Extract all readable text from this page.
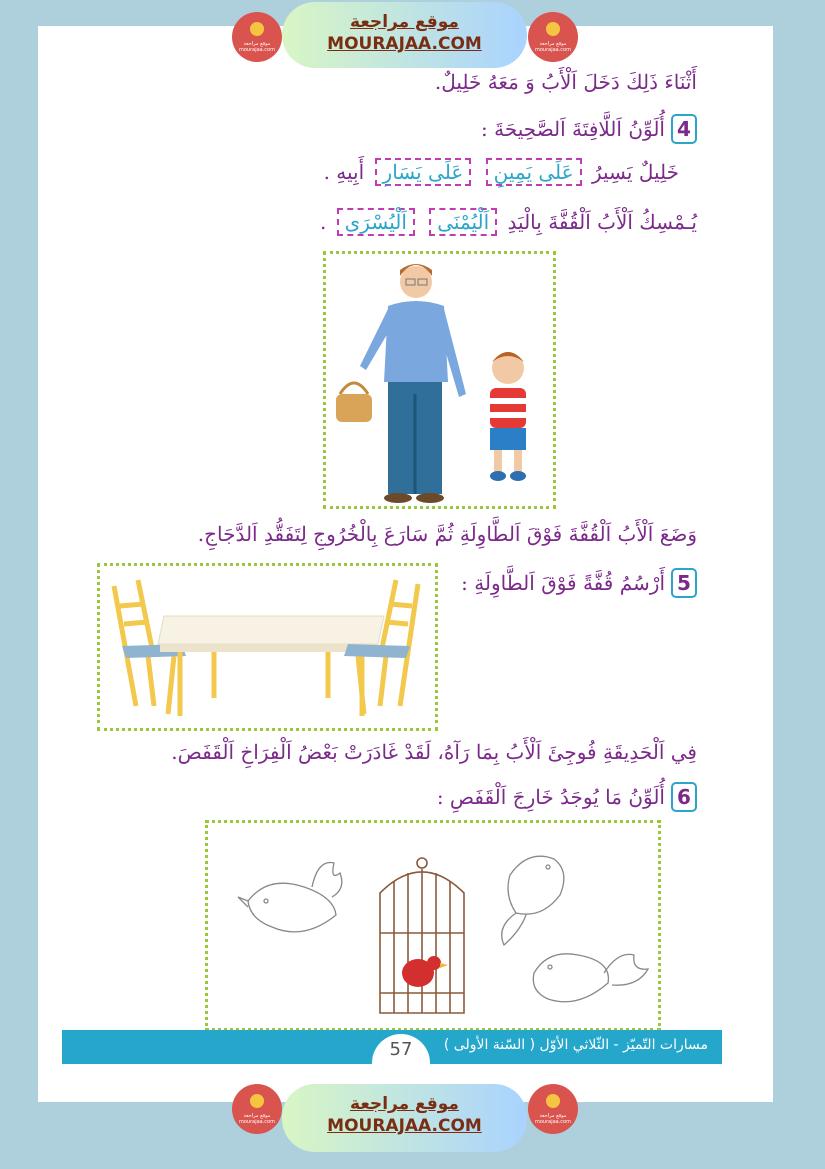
موقع مراجعة mourajaa.com
موقع مراجعة
MOURAJAA.COM	موقع مراجعة mourajaa.com
أَثْنَاءَ ذَلِكَ دَخَلَ اَلْأَبُ وَ مَعَهُ خَلِيلٌ.
4أُلَوِّنُ اَللَّافِتَةَ اَلصَّحِيحَةَ :
خَلِيلٌ يَسِيرُ عَلَى يَمِينِ عَلَى يَسَارِ أَبِيهِ .
يُـمْسِكُ اَلْأَبُ اَلْقُفَّةَ بِالْيَدِ اَلْيُمْنَى اَلْيُسْرَى .
وَضَعَ اَلْأَبُ اَلْقُفَّةَ فَوْقَ اَلطَّاوِلَةِ ثُمَّ سَارَعَ بِالْخُرُوجِ لِتَفَقُّدِ اَلدَّجَاجِ.
5أَرْسُمُ قُفَّةً فَوْقَ اَلطَّاوِلَةِ :
فِي اَلْحَدِيقَةِ فُوجِئَ اَلْأَبُ بِمَا رَآهُ، لَقَدْ غَادَرَتْ بَعْضُ اَلْفِرَاخِ اَلْقَفَصَ.
6أُلَوِّنُ مَا يُوجَدُ خَارِجَ اَلْقَفَصِ :
مسارات التّميّز - الثّلاثي الأوّل ( السّنة الأولى )
57
موقع مراجعة mourajaa.com
موقع مراجعة
MOURAJAA.COM	موقع مراجعة mourajaa.com
